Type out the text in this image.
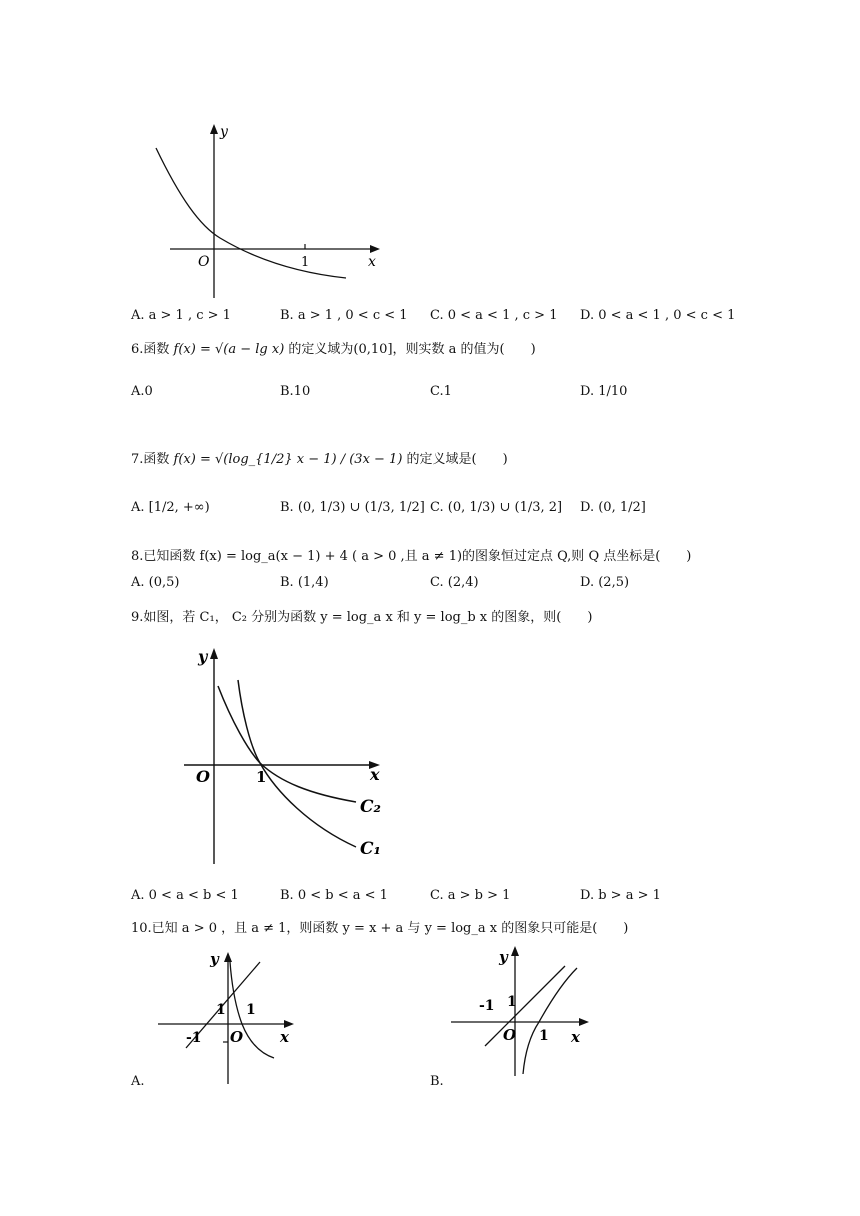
y
x
O	1
A. a > 1 , c > 1	B. a > 1 , 0 < c < 1 C. 0 < a < 1 , c > 1 D. 0 < a < 1 , 0 < c < 1
6.函数 f(x) = √(a − lg x) 的定义域为(0,10]，则实数 a 的值为(　　)
A.0	B.10	C.1	D. 1/10
7.函数 f(x) = √(log_{1/2} x − 1) / (3x − 1) 的定义域是(　　)
A. [1/2, +∞)	B. (0, 1/3) ∪ (1/3, 1/2] C. (0, 1/3) ∪ (1/3, 2] D. (0, 1/2]
8.已知函数 f(x) = log_a(x − 1) + 4 ( a > 0 ,且 a ≠ 1)的图象恒过定点 Q,则 Q 点坐标是(　　)
A. (0,5)	B. (1,4)	C. (2,4)	D. (2,5)
9.如图，若 C₁， C₂ 分别为函数 y = log_a x 和 y = log_b x 的图象，则(　　)
y
x
O	1
C₂
C₁
A. 0 < a < b < 1	B. 0 < b < a < 1	C. a > b > 1	D. b > a > 1
10.已知 a > 0 ，且 a ≠ 1，则函数 y = x + a 与 y = log_a x 的图象只可能是(　　)
y
x
O
1 1
-1
A.
y
x
O
1
1
-1
B.
